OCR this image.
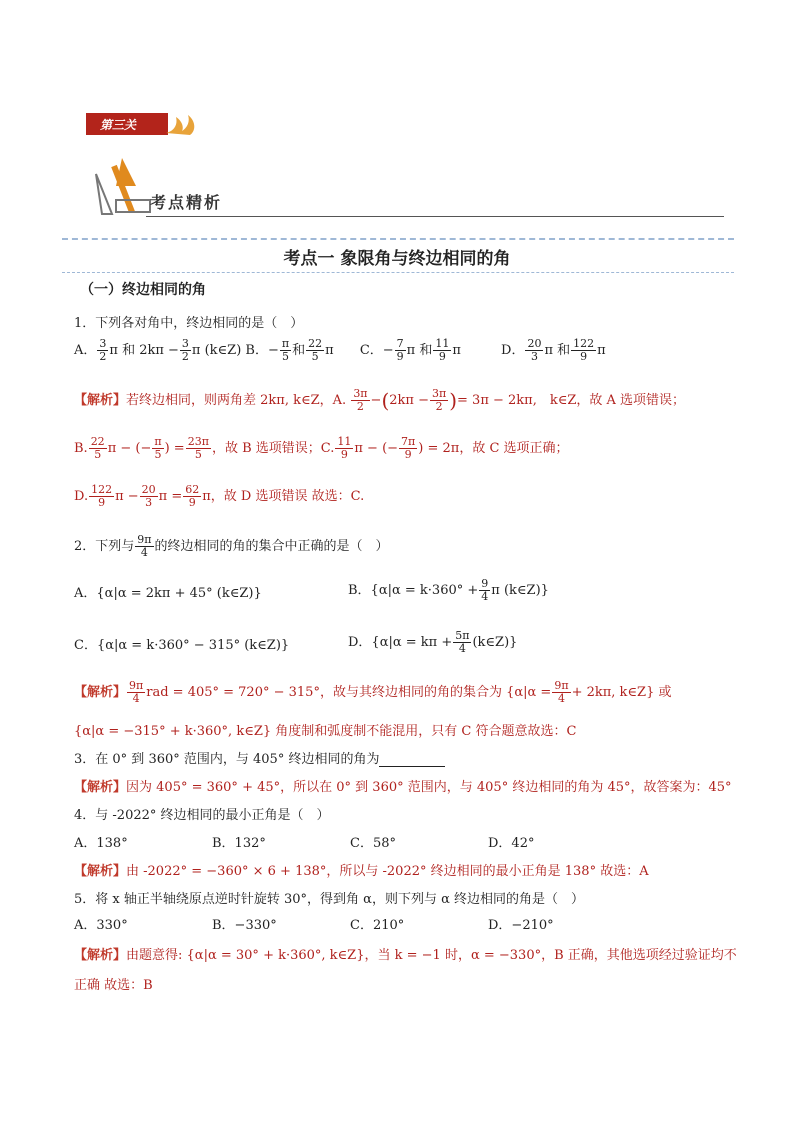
第三关
考点精析
考点一 象限角与终边相同的角
（一）终边相同的角
1．下列各对角中，终边相同的是（　）
A． $\frac{3}{2}$ π 和 $2k\pi - \frac{3}{2}$ π (k∈Z) B．− $\frac{\pi}{5}$ 和 $\frac{22}{5}$ π C．− $\frac{7}{9}$ π 和 $\frac{11}{9}$ π	D． $\frac{20}{3}$ π 和 $\frac{122}{9}$ π
【解析】若终边相同，则两角差 2kπ, k∈Z，A. $\frac{3\pi}{2} -(2k\pi - \frac{3\pi}{2}$ )= 3π − 2kπ,　k∈Z，故 A 选项错误；
B. $\frac{22}{5}$ π − (− $\frac{\pi}{5}$ ) = $\frac{23\pi}{5}$ ，故 B 选项错误；C. $\frac{11}{9}$ π − (− $\frac{7\pi}{9}$ ) = 2π，故 C 选项正确；
D. $\frac{122}{9}$ $\pi - \frac{20}{3}$ $\pi = \frac{62}{9}$ π，故 D 选项错误 故选：C.
2．下列与 $\frac{9\pi}{4}$ 的终边相同的角的集合中正确的是（　）
A．{α|α = 2kπ + 45° (k∈Z)}	B．{$\alpha|\alpha = k\cdot 360^\circ + \frac{9}{4}$ π (k∈Z)}
C．{α|α = k·360° − 315° (k∈Z)}	D．{$\alpha|\alpha = k\pi + \frac{5\pi}{4}$ (k∈Z)}
【解析】 $\frac{9\pi}{4}$ rad = 405° = 720° − 315°，故与其终边相同的角的集合为 {$\alpha|\alpha = \frac{9\pi}{4} + 2k\pi$, k∈Z} 或
{α|α = −315° + k·360°, k∈Z} 角度制和弧度制不能混用，只有 C 符合题意故选：C
3．在 0° 到 360° 范围内，与 405° 终边相同的角为
【解析】因为 405° = 360° + 45°，所以在 0° 到 360° 范围内，与 405° 终边相同的角为 45°，故答案为：45°
4．与 -2022° 终边相同的最小正角是（　）
A．138°	B．132°	C．58°	D．42°
【解析】由 -2022° = −360° × 6 + 138°，所以与 -2022° 终边相同的最小正角是 138° 故选：A
5．将 x 轴正半轴绕原点逆时针旋转 30°，得到角 α，则下列与 α 终边相同的角是（　）
A．330°	B．−330°	C．210°	D．−210°
【解析】由题意得: {α|α = 30° + k·360°, k∈Z}，当 k = −1 时，α = −330°，B 正确，其他选项经过验证均不
正确 故选：B
